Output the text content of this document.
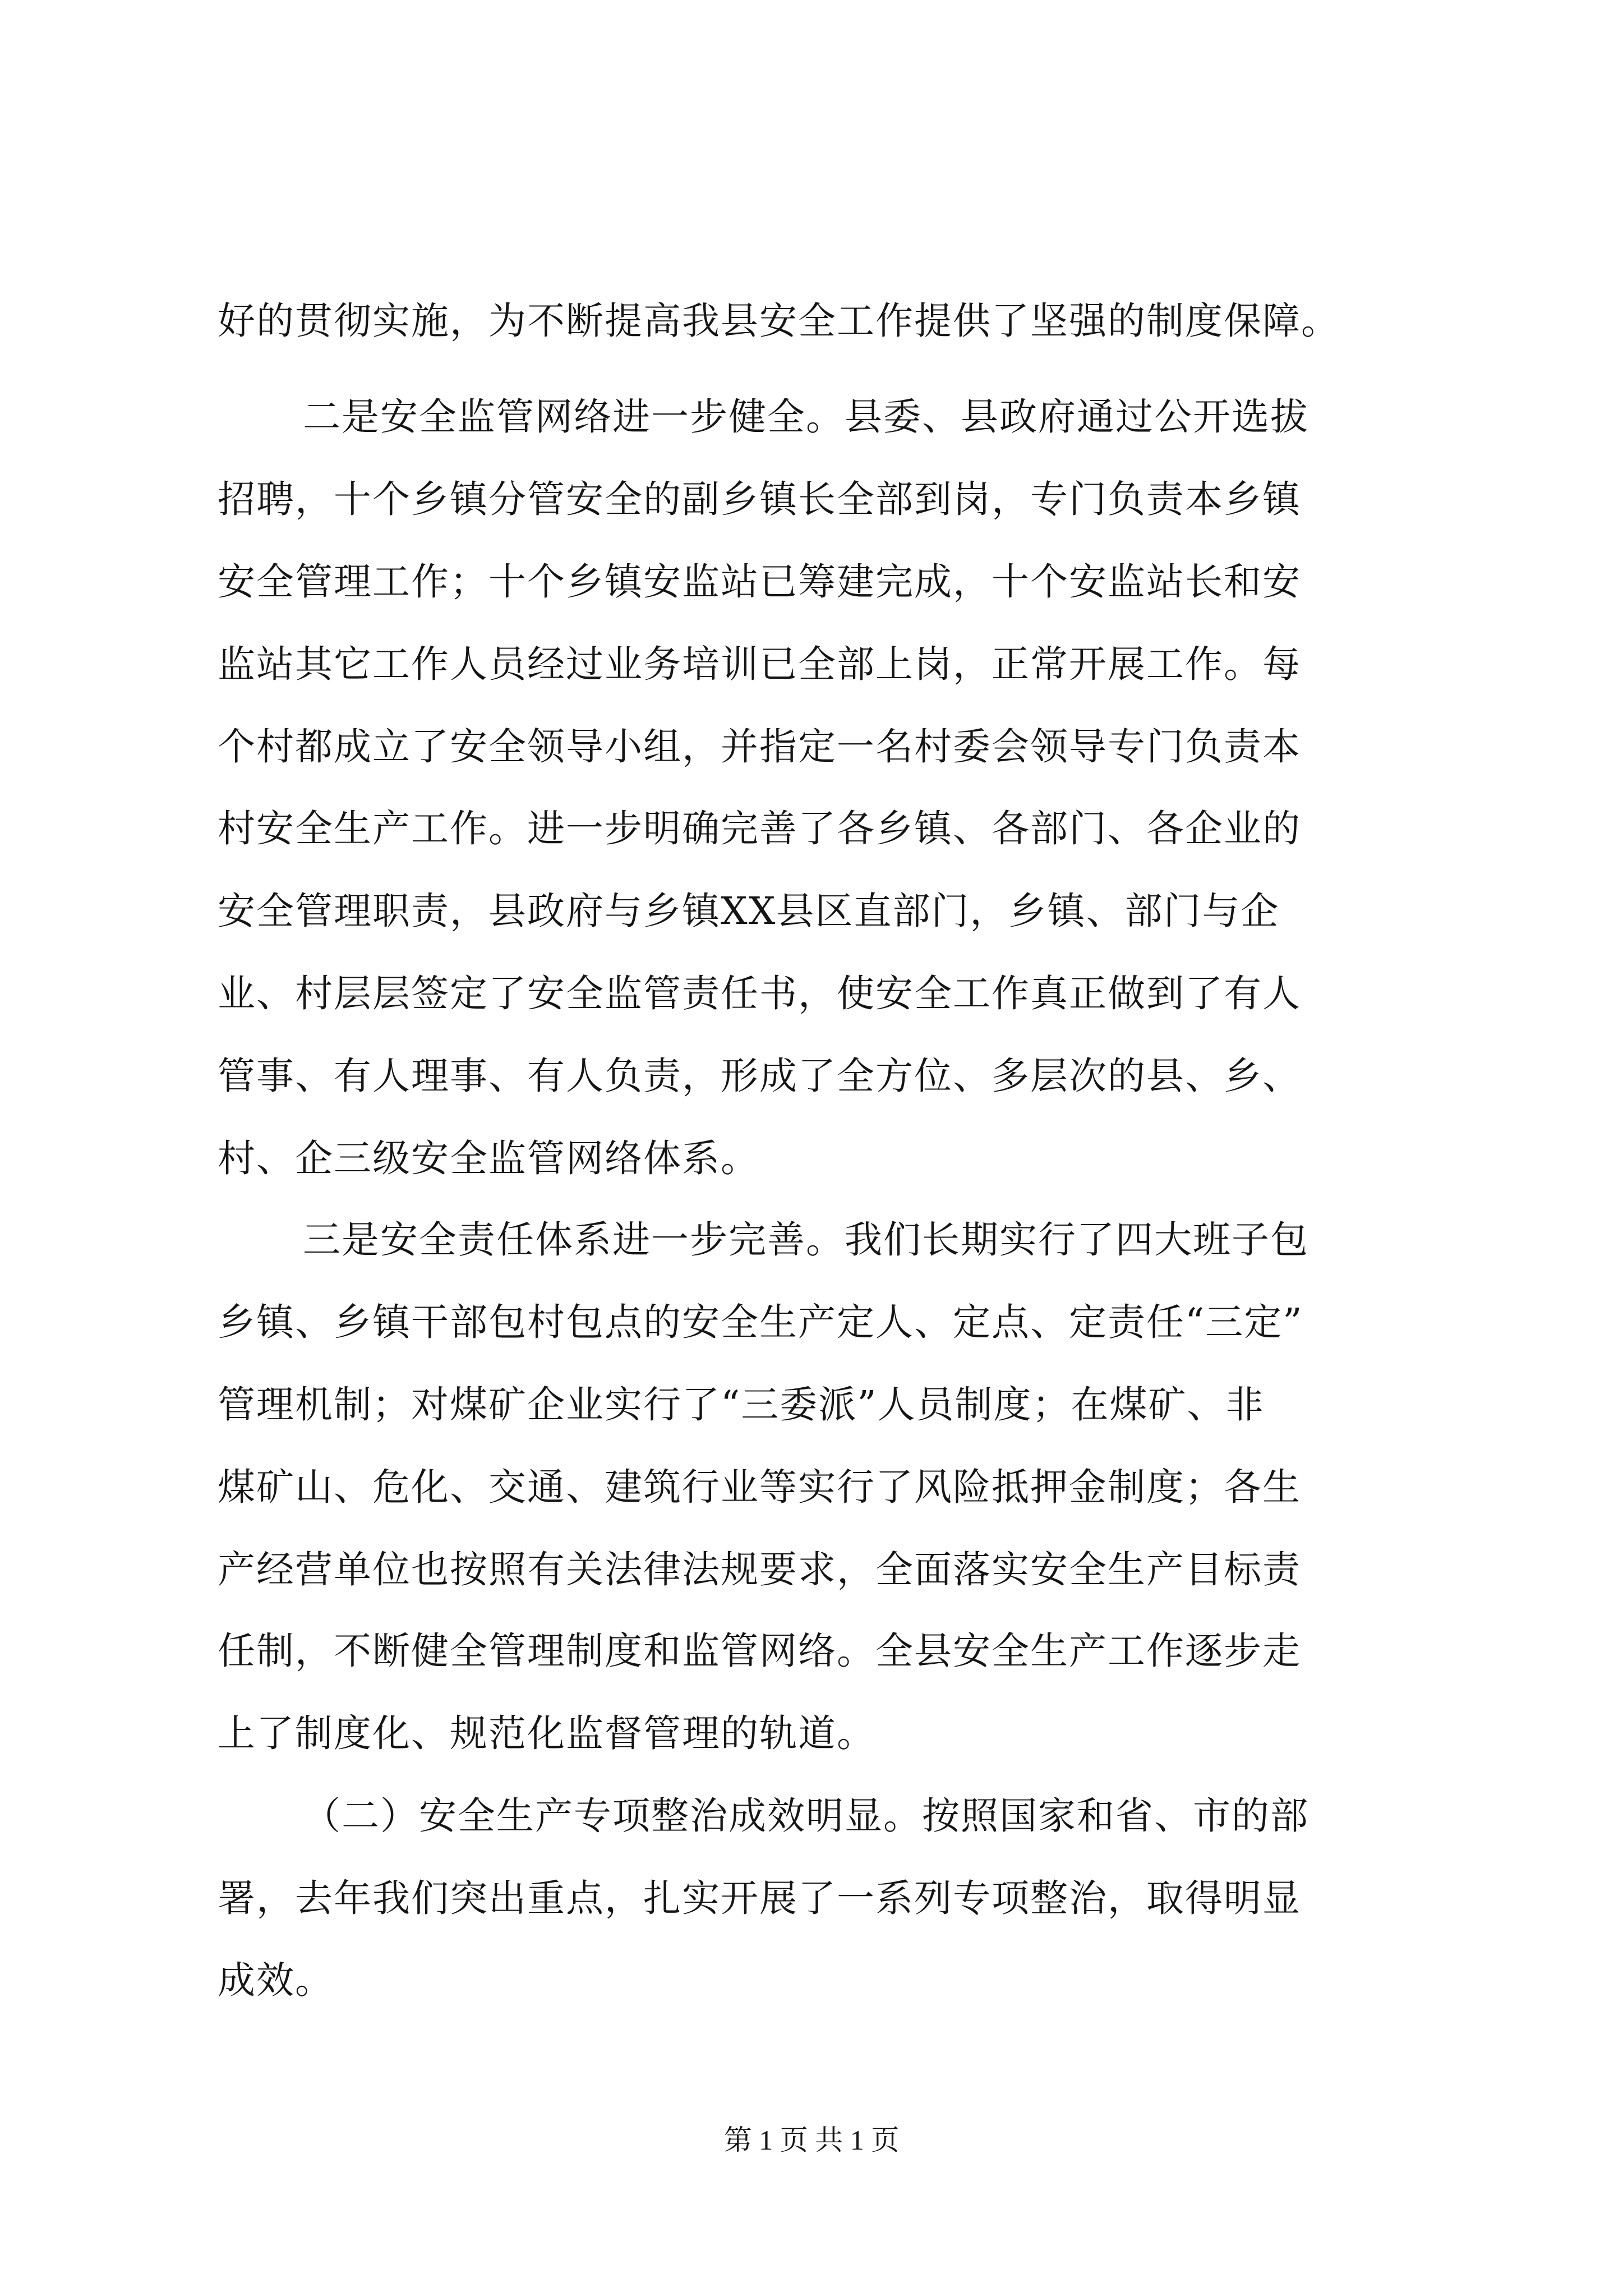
好的贯彻实施，为不断提高我县安全工作提供了坚强的制度保障。
二是安全监管网络进一步健全。县委、县政府通过公开选拔
招聘，十个乡镇分管安全的副乡镇长全部到岗，专门负责本乡镇
安全管理工作；十个乡镇安监站已筹建完成，十个安监站长和安
监站其它工作人员经过业务培训已全部上岗，正常开展工作。每
个村都成立了安全领导小组，并指定一名村委会领导专门负责本
村安全生产工作。进一步明确完善了各乡镇、各部门、各企业的
安全管理职责，县政府与乡镇XX县区直部门，乡镇、部门与企
业、村层层签定了安全监管责任书，使安全工作真正做到了有人
管事、有人理事、有人负责，形成了全方位、多层次的县、乡、
村、企三级安全监管网络体系。
三是安全责任体系进一步完善。我们长期实行了四大班子包
乡镇、乡镇干部包村包点的安全生产定人、定点、定责任“三定”
管理机制；对煤矿企业实行了“三委派”人员制度；在煤矿、非
煤矿山、危化、交通、建筑行业等实行了风险抵押金制度；各生
产经营单位也按照有关法律法规要求，全面落实安全生产目标责
任制，不断健全管理制度和监管网络。全县安全生产工作逐步走
上了制度化、规范化监督管理的轨道。
（二）安全生产专项整治成效明显。按照国家和省、市的部
署，去年我们突出重点，扎实开展了一系列专项整治，取得明显
成效。
第 1 页 共 1 页
